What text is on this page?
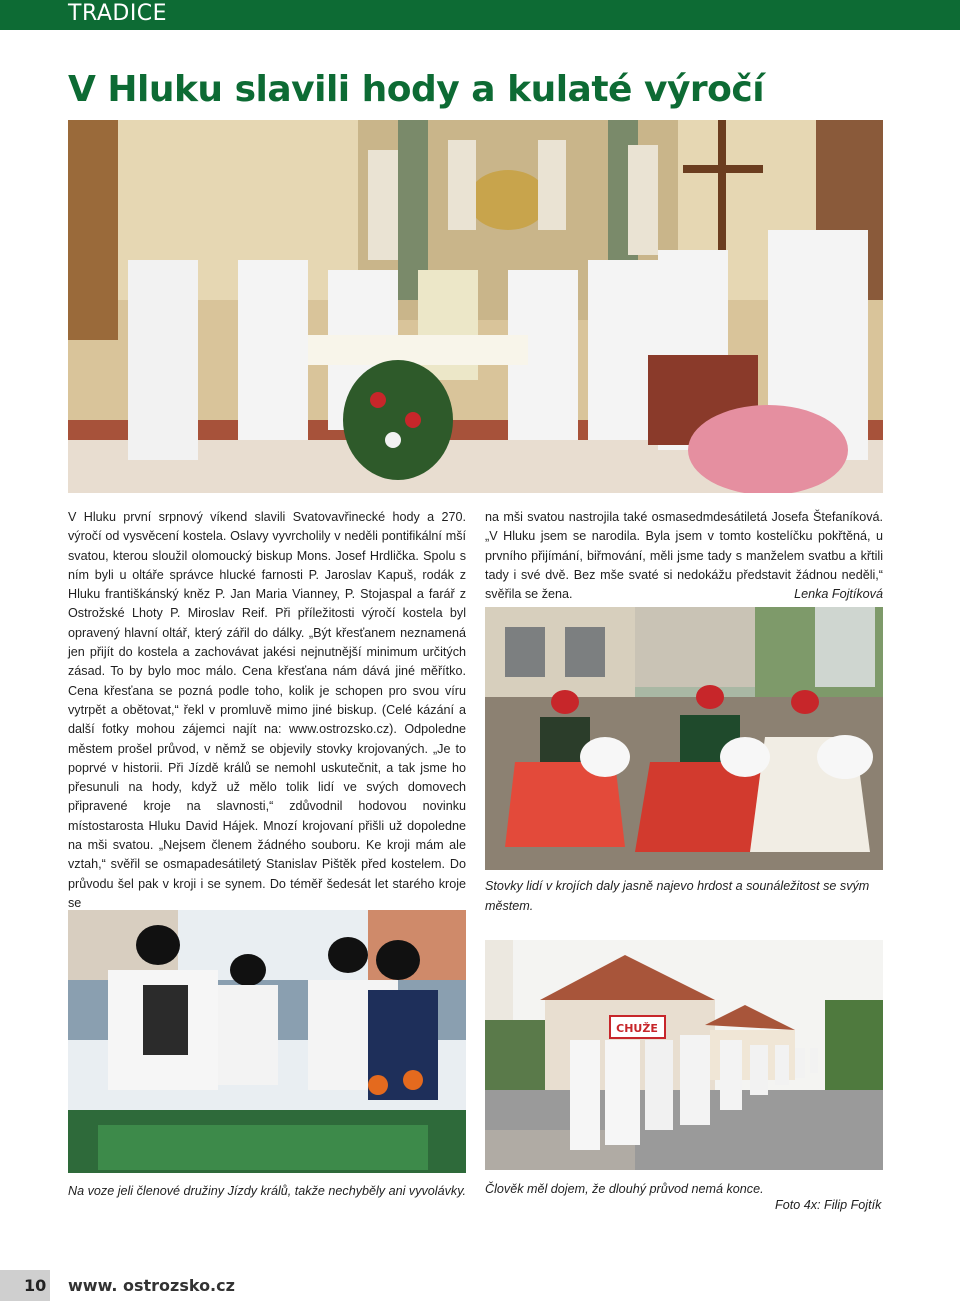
TRADICE
V Hluku slavili hody a kulaté výročí

V Hluku první srpnový víkend slavili Svatovavřinecké hody a 270. výročí od vysvěcení kostela. Oslavy vyvrcholily v neděli pontifikální mší svatou, kterou sloužil olomoucký biskup Mons. Josef Hrdlička. Spolu s ním byli u oltáře správce hlucké farnosti P. Jaroslav Kapuš, rodák z Hluku františkánský kněz P. Jan Maria Vianney, P. Stojaspal a farář z Ostrožské Lhoty P. Miroslav Reif. Při příležitosti výročí kostela byl opravený hlavní oltář, který zářil do dálky. „Být křesťanem neznamená jen přijít do kostela a zachovávat jakési nejnutnější minimum určitých zásad. To by bylo moc málo. Cena křesťana nám dává jiné měřítko. Cena křesťana se pozná podle toho, kolik je schopen pro svou víru vytrpět a obětovat,“ řekl v promluvě mimo jiné biskup. (Celé kázání a další fotky mohou zájemci najít na: www.ostrozsko.cz). Odpoledne městem prošel průvod, v němž se objevily stovky krojovaných. „Je to poprvé v historii. Při Jízdě králů se nemohl uskutečnit, a tak jsme ho přesunuli na hody, když už mělo tolik lidí ve svých domovech připravené kroje na slavnosti,“ zdůvodnil hodovou novinku místostarosta Hluku David Hájek. Mnozí krojovaní přišli už dopoledne na mši svatou. „Nejsem členem žádného souboru. Ke kroji mám ale vztah,“ svěřil se osmapadesátiletý Stanislav Pištěk před kostelem. Do průvodu šel pak v kroji i se synem. Do téměř šedesát let starého kroje se

na mši svatou nastrojila také osmasedmdesátiletá Josefa Štefaníková. „V Hluku jsem se narodila. Byla jsem v tomto kostelíčku pokřtěná, u prvního přijímání, biřmování, měli jsme tady s manželem svatbu a křtili tady i své dvě. Bez mše svaté si nedokážu představit žádnou neděli,“ svěřila se žena.	Lenka Fojtíková

Stovky lidí v krojích daly jasně najevo hrdost a sounáležitost se svým městem.

CHUŽE

Na voze jeli členové družiny Jízdy králů, takže nechyběly ani vyvolávky. Člověk měl dojem, že dlouhý průvod nemá konce.

Foto 4x: Filip Fojtík
10 www. ostrozsko.cz
